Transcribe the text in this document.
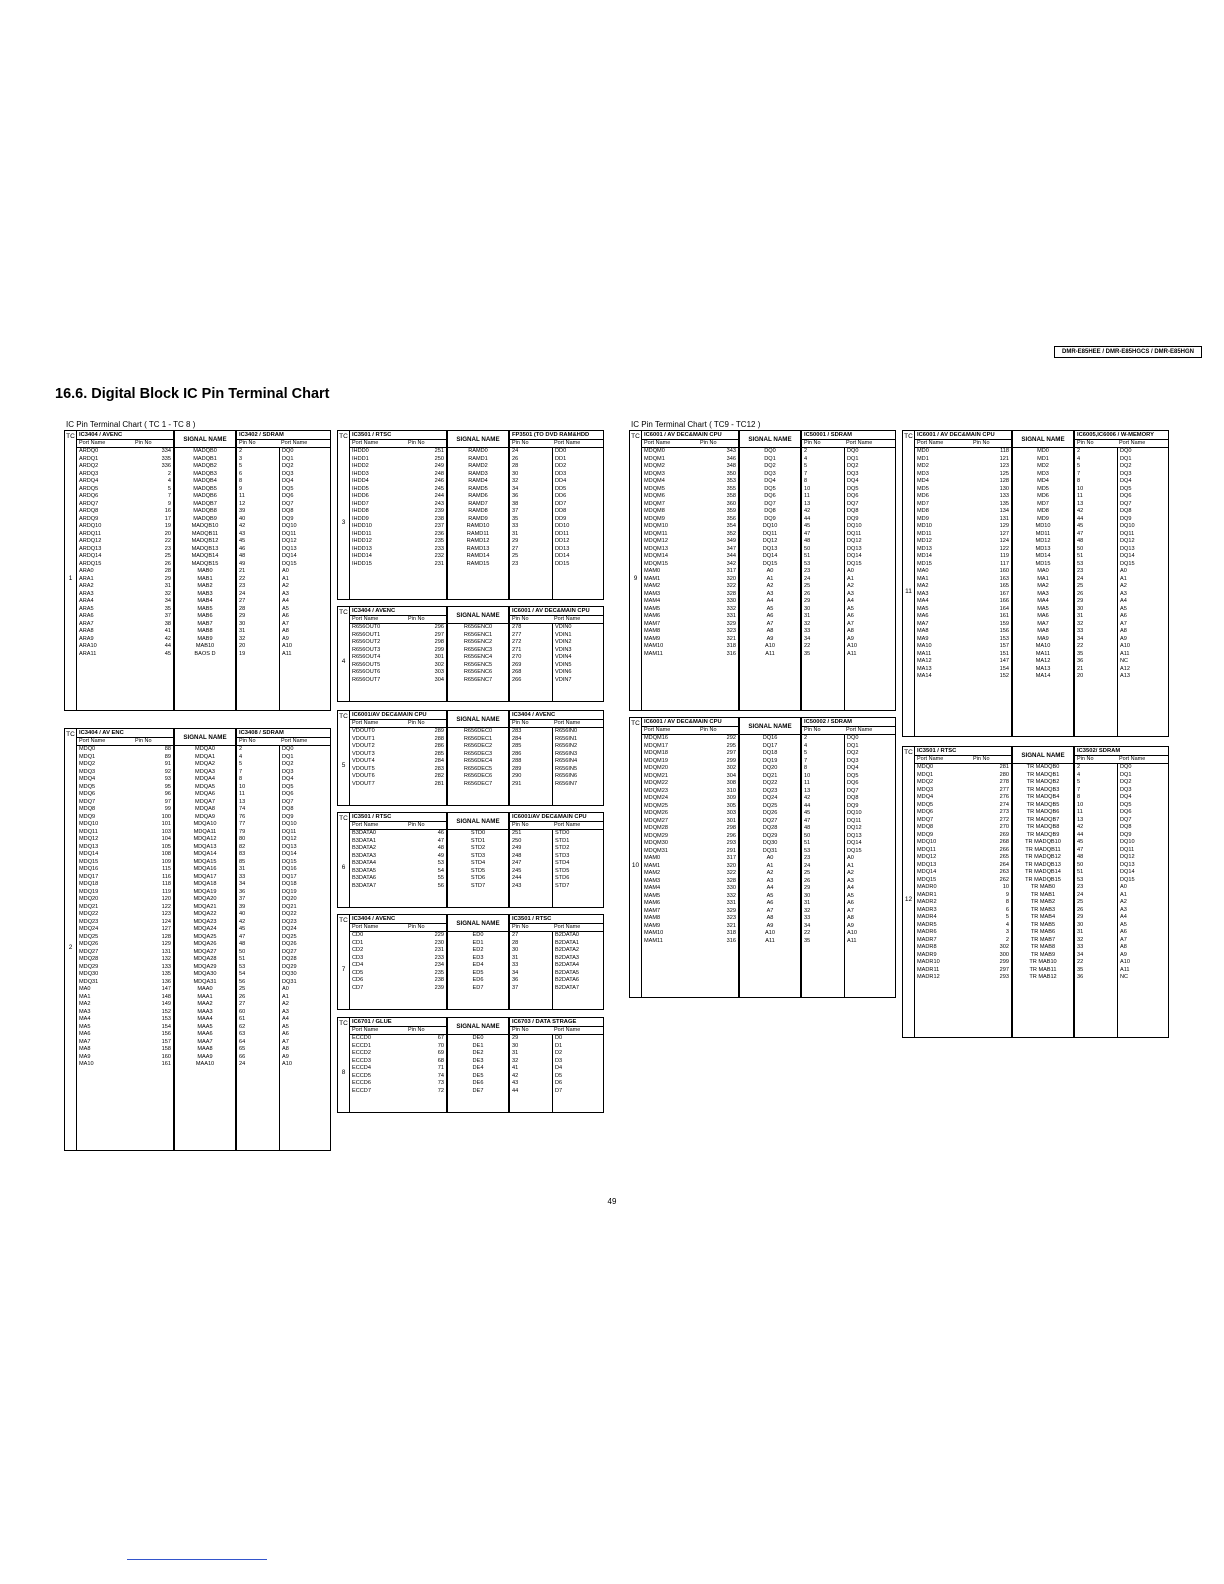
DMR-E85HEE / DMR-E85HGCS / DMR-E85HGN
16.6. Digital Block IC Pin Terminal Chart
IC Pin Terminal Chart ( TC 1 - TC 8 )	IC Pin Terminal Chart ( TC9 - TC12 )
TC
1
IC3404 / AVENC
Port Name	Pin No
SIGNAL NAME
IC3402 / SDRAM
Pin No	Port Name
ARDQ0	334	MADQB0	2	DQ0
ARDQ1	335	MADQB1	3	DQ1
ARDQ2	336	MADQB2	5	DQ2
ARDQ3	2	MADQB3	6	DQ3
ARDQ4	4	MADQB4	8	DQ4
ARDQ5	5	MADQB5	9	DQ5
ARDQ6	7	MADQB6	11	DQ6
ARDQ7	9	MADQB7	12	DQ7
ARDQ8	16	MADQB8	39	DQ8
ARDQ9	17	MADQB9	40	DQ9
ARDQ10	19	MADQB10	42	DQ10
ARDQ11	20	MADQB11	43	DQ11
ARDQ12	22	MADQB12	45	DQ12
ARDQ13	23	MADQB13	46	DQ13
ARDQ14	25	MADQB14	48	DQ14
ARDQ15	26	MADQB15	49	DQ15
ARA0	28	MAB0	21	A0
ARA1	29	MAB1	22	A1
ARA2	31	MAB2	23	A2
ARA3	32	MAB3	24	A3
ARA4	34	MAB4	27	A4
ARA5	35	MAB5	28	A5
ARA6	37	MAB6	29	A6
ARA7	38	MAB7	30	A7
ARA8	41	MAB8	31	A8
ARA9	42	MAB9	32	A9
ARA10	44	MAB10	20	A10
ARA11	45	BAOS D	19	A11
TC
2
IC3404 / AV ENC
Port Name	Pin No
SIGNAL NAME
IC3408 / SDRAM
Pin No	Port Name
MDQ0	88	MDQA0	2	DQ0
MDQ1	89	MDQA1	4	DQ1
MDQ2	91	MDQA2	5	DQ2
MDQ3	92	MDQA3	7	DQ3
MDQ4	93	MDQA4	8	DQ4
MDQ5	95	MDQA5	10	DQ5
MDQ6	96	MDQA6	11	DQ6
MDQ7	97	MDQA7	13	DQ7
MDQ8	99	MDQA8	74	DQ8
MDQ9	100	MDQA9	76	DQ9
MDQ10	101	MDQA10	77	DQ10
MDQ11	103	MDQA11	79	DQ11
MDQ12	104	MDQA12	80	DQ12
MDQ13	105	MDQA13	82	DQ13
MDQ14	108	MDQA14	83	DQ14
MDQ15	109	MDQA15	85	DQ15
MDQ16	115	MDQA16	31	DQ16
MDQ17	116	MDQA17	33	DQ17
MDQ18	118	MDQA18	34	DQ18
MDQ19	119	MDQA19	36	DQ19
MDQ20	120	MDQA20	37	DQ20
MDQ21	122	MDQA21	39	DQ21
MDQ22	123	MDQA22	40	DQ22
MDQ23	124	MDQA23	42	DQ23
MDQ24	127	MDQA24	45	DQ24
MDQ25	128	MDQA25	47	DQ25
MDQ26	129	MDQA26	48	DQ26
MDQ27	131	MDQA27	50	DQ27
MDQ28	132	MDQA28	51	DQ28
MDQ29	133	MDQA29	53	DQ29
MDQ30	135	MDQA30	54	DQ30
MDQ31	136	MDQA31	56	DQ31
MA0	147	MAA0	25	A0
MA1	148	MAA1	26	A1
MA2	149	MAA2	27	A2
MA3	152	MAA3	60	A3
MA4	153	MAA4	61	A4
MA5	154	MAA5	62	A5
MA6	156	MAA6	63	A6
MA7	157	MAA7	64	A7
MA8	158	MAA8	65	A8
MA9	160	MAA9	66	A9
MA10	161	MAA10	24	A10
TC
3
IC3501 / RTSC
Port Name	Pin No
SIGNAL NAME
FP3501 (TO DVD RAM&HDD
Pin No	Port Name
IHDD0	251	RAMD0	24	DD0
IHDD1	250	RAMD1	26	DD1
IHDD2	249	RAMD2	28	DD2
IHDD3	248	RAMD3	30	DD3
IHDD4	246	RAMD4	32	DD4
IHDD5	245	RAMD5	34	DD5
IHDD6	244	RAMD6	36	DD6
IHDD7	243	RAMD7	38	DD7
IHDD8	239	RAMD8	37	DD8
IHDD9	238	RAMD9	35	DD9
IHDD10	237	RAMD10	33	DD10
IHDD11	236	RAMD11	31	DD11
IHDD12	235	RAMD12	29	DD12
IHDD13	233	RAMD13	27	DD13
IHDD14	232	RAMD14	25	DD14
IHDD15	231	RAMD15	23	DD15
TC
4
IC3404 / AVENC
Port Name	Pin No
SIGNAL NAME
IC6001 / AV DEC&MAIN CPU
Pin No	Port Name
R656OUT0	296	R656ENC0	278	VDIN0
R656OUT1	297	R656ENC1	277	VDIN1
R656OUT2	298	R656ENC2	272	VDIN2
R656OUT3	299	R656ENC3	271	VDIN3
R656OUT4	301	R656ENC4	270	VDIN4
R656OUT5	302	R656ENC5	269	VDIN5
R656OUT6	303	R656ENC6	268	VDIN6
R656OUT7	304	R656ENC7	266	VDIN7
TC
5
IC6001/AV DEC&MAIN CPU
Port Name	Pin No
SIGNAL NAME
IC3404 / AVENC
Pin No	Port Name
VDOUT0	289	R656DEC0	283	R656IN0
VDOUT1	288	R656DEC1	284	R656IN1
VDOUT2	286	R656DEC2	285	R656IN2
VDOUT3	285	R656DEC3	286	R656IN3
VDOUT4	284	R656DEC4	288	R656IN4
VDOUT5	283	R656DEC5	289	R656IN5
VDOUT6	282	R656DEC6	290	R656IN6
VDOUT7	281	R656DEC7	291	R656IN7
TC
6
IC3501 / RTSC
Port Name	Pin No
SIGNAL NAME
IC6001/AV DEC&MAIN CPU
Pin No	Port Name
B3DATA0	46	STD0	251	STD0
B3DATA1	47	STD1	250	STD1
B3DATA2	48	STD2	249	STD2
B3DATA3	49	STD3	248	STD3
B3DATA4	53	STD4	247	STD4
B3DATA5	54	STD5	245	STD5
B3DATA6	55	STD6	244	STD6
B3DATA7	56	STD7	243	STD7
TC
7
IC3404 / AVENC
Port Name	Pin No
SIGNAL NAME
IC3501 / RTSC
Pin No	Port Name
CD0	229	ED0	27	B2DATA0
CD1	230	ED1	28	B2DATA1
CD2	231	ED2	30	B2DATA2
CD3	233	ED3	31	B2DATA3
CD4	234	ED4	33	B2DATA4
CD5	235	ED5	34	B2DATA5
CD6	238	ED6	36	B2DATA6
CD7	239	ED7	37	B2DATA7
TC
8
IC6701 / GLUE
Port Name	Pin No
SIGNAL NAME
IC6703 / DATA STRAGE
Pin No	Port Name
ECCD0	67	DE0	29	D0
ECCD1	70	DE1	30	D1
ECCD2	69	DE2	31	D2
ECCD3	68	DE3	32	D3
ECCD4	71	DE4	41	D4
ECCD5	74	DE5	42	D5
ECCD6	73	DE6	43	D6
ECCD7	72	DE7	44	D7
TC
9
IC6001 / AV DEC&MAIN CPU
Port Name	Pin No
SIGNAL NAME
IC50001 / SDRAM
Pin No	Port Name
MDQM0	343	DQ0	2	DQ0
MDQM1	346	DQ1	4	DQ1
MDQM2	348	DQ2	5	DQ2
MDQM3	350	DQ3	7	DQ3
MDQM4	353	DQ4	8	DQ4
MDQM5	355	DQ5	10	DQ5
MDQM6	358	DQ6	11	DQ6
MDQM7	360	DQ7	13	DQ7
MDQM8	359	DQ8	42	DQ8
MDQM9	356	DQ9	44	DQ9
MDQM10	354	DQ10	45	DQ10
MDQM11	352	DQ11	47	DQ11
MDQM12	349	DQ12	48	DQ12
MDQM13	347	DQ13	50	DQ13
MDQM14	344	DQ14	51	DQ14
MDQM15	342	DQ15	53	DQ15
MAM0	317	A0	23	A0
MAM1	320	A1	24	A1
MAM2	322	A2	25	A2
MAM3	328	A3	26	A3
MAM4	330	A4	29	A4
MAM5	332	A5	30	A5
MAM6	331	A6	31	A6
MAM7	329	A7	32	A7
MAM8	323	A8	33	A8
MAM9	321	A9	34	A9
MAM10	318	A10	22	A10
MAM11	316	A11	35	A11
TC
10
IC6001 / AV DEC&MAIN CPU
Port Name	Pin No
SIGNAL NAME
IC50002 / SDRAM
Pin No	Port Name
MDQM16	292	DQ16	2	DQ0
MDQM17	295	DQ17	4	DQ1
MDQM18	297	DQ18	5	DQ2
MDQM19	299	DQ19	7	DQ3
MDQM20	302	DQ20	8	DQ4
MDQM21	304	DQ21	10	DQ5
MDQM22	308	DQ22	11	DQ6
MDQM23	310	DQ23	13	DQ7
MDQM24	309	DQ24	42	DQ8
MDQM25	305	DQ25	44	DQ9
MDQM26	303	DQ26	45	DQ10
MDQM27	301	DQ27	47	DQ11
MDQM28	298	DQ28	48	DQ12
MDQM29	296	DQ29	50	DQ13
MDQM30	293	DQ30	51	DQ14
MDQM31	291	DQ31	53	DQ15
MAM0	317	A0	23	A0
MAM1	320	A1	24	A1
MAM2	322	A2	25	A2
MAM3	328	A3	26	A3
MAM4	330	A4	29	A4
MAM5	332	A5	30	A5
MAM6	331	A6	31	A6
MAM7	329	A7	32	A7
MAM8	323	A8	33	A8
MAM9	321	A9	34	A9
MAM10	318	A10	22	A10
MAM11	316	A11	35	A11
TC
11
IC6001 / AV DEC&MAIN CPU
Port Name	Pin No
SIGNAL NAME
IC6005,IC6006 / W-MEMORY
Pin No	Port Name
MD0	118	MD0	2	DQ0
MD1	121	MD1	4	DQ1
MD2	123	MD2	5	DQ2
MD3	125	MD3	7	DQ3
MD4	128	MD4	8	DQ4
MD5	130	MD5	10	DQ5
MD6	133	MD6	11	DQ6
MD7	135	MD7	13	DQ7
MD8	134	MD8	42	DQ8
MD9	131	MD9	44	DQ9
MD10	129	MD10	45	DQ10
MD11	127	MD11	47	DQ11
MD12	124	MD12	48	DQ12
MD13	122	MD13	50	DQ13
MD14	119	MD14	51	DQ14
MD15	117	MD15	53	DQ15
MA0	160	MA0	23	A0
MA1	163	MA1	24	A1
MA2	165	MA2	25	A2
MA3	167	MA3	26	A3
MA4	166	MA4	29	A4
MA5	164	MA5	30	A5
MA6	161	MA6	31	A6
MA7	159	MA7	32	A7
MA8	156	MA8	33	A8
MA9	153	MA9	34	A9
MA10	157	MA10	22	A10
MA11	151	MA11	35	A11
MA12	147	MA12	36	NC
MA13	154	MA13	21	A12
MA14	152	MA14	20	A13
TC
12
IC3501 / RTSC
Port Name	Pin No
SIGNAL NAME
IC3502/ SDRAM
Pin No	Port Name
MDQ0	281	TR MADQB0	2	DQ0
MDQ1	280	TR MADQB1	4	DQ1
MDQ2	278	TR MADQB2	5	DQ2
MDQ3	277	TR MADQB3	7	DQ3
MDQ4	276	TR MADQB4	8	DQ4
MDQ5	274	TR MADQB5	10	DQ5
MDQ6	273	TR MADQB6	11	DQ6
MDQ7	272	TR MADQB7	13	DQ7
MDQ8	270	TR MADQB8	42	DQ8
MDQ9	269	TR MADQB9	44	DQ9
MDQ10	268	TR MADQB10	45	DQ10
MDQ11	266	TR MADQB11	47	DQ11
MDQ12	265	TR MADQB12	48	DQ12
MDQ13	264	TR MADQB13	50	DQ13
MDQ14	263	TR MADQB14	51	DQ14
MDQ15	262	TR MADQB15	53	DQ15
MADR0	10	TR MAB0	23	A0
MADR1	9	TR MAB1	24	A1
MADR2	8	TR MAB2	25	A2
MADR3	6	TR MAB3	26	A3
MADR4	5	TR MAB4	29	A4
MADR5	4	TR MAB5	30	A5
MADR6	3	TR MAB6	31	A6
MADR7	2	TR MAB7	32	A7
MADR8	302	TR MAB8	33	A8
MADR9	300	TR MAB9	34	A9
MADR10	299	TR MAB10	22	A10
MADR11	297	TR MAB11	35	A11
MADR12	293	TR MAB12	36	NC
49
